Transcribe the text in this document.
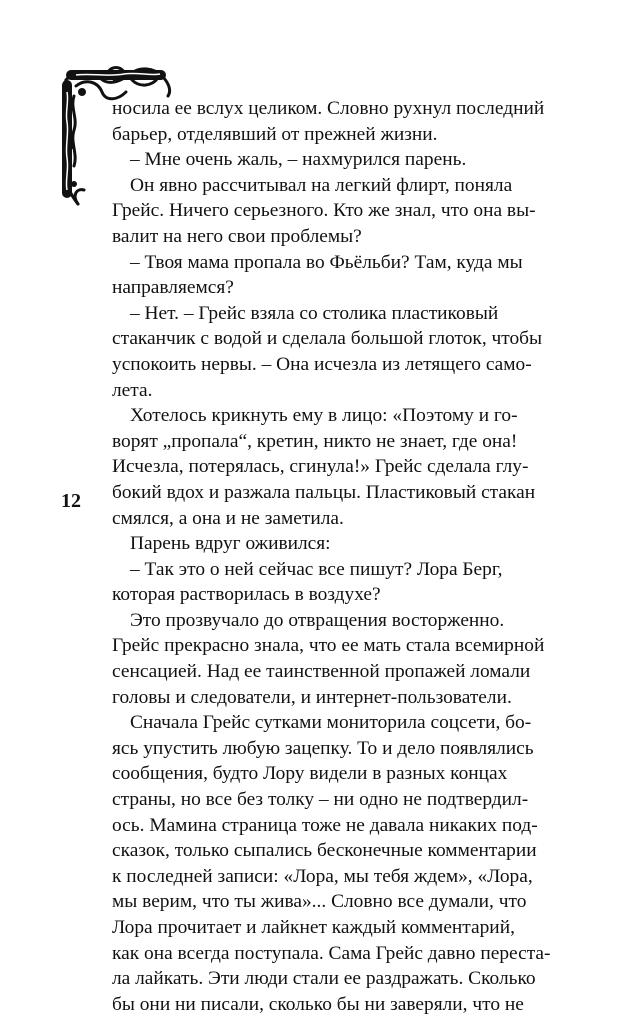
12
носила ее вслух целиком. Словно рухнул последний
барьер, отделявший от прежней жизни.
– Мне очень жаль, – нахмурился парень.
Он явно рассчитывал на легкий флирт, поняла
Грейс. Ничего серьезного. Кто же знал, что она вы-
валит на него свои проблемы?
– Твоя мама пропала во Фьёльби? Там, куда мы
направляемся?
– Нет. – Грейс взяла со столика пластиковый
стаканчик с водой и сделала большой глоток, чтобы
успокоить нервы. – Она исчезла из летящего само-
лета.
Хотелось крикнуть ему в лицо: «Поэтому и го-
ворят „пропала“, кретин, никто не знает, где она!
Исчезла, потерялась, сгинула!» Грейс сделала глу-
бокий вдох и разжала пальцы. Пластиковый стакан
смялся, а она и не заметила.
Парень вдруг оживился:
– Так это о ней сейчас все пишут? Лора Берг,
которая растворилась в воздухе?
Это прозвучало до отвращения восторженно.
Грейс прекрасно знала, что ее мать стала всемирной
сенсацией. Над ее таинственной пропажей ломали
головы и следователи, и интернет-пользователи.
Сначала Грейс сутками мониторила соцсети, бо-
ясь упустить любую зацепку. То и дело появлялись
сообщения, будто Лору видели в разных концах
страны, но все без толку – ни одно не подтвердил-
ось. Мамина страница тоже не давала никаких под-
сказок, только сыпались бесконечные комментарии
к последней записи: «Лора, мы тебя ждем», «Лора,
мы верим, что ты жива»... Словно все думали, что
Лора прочитает и лайкнет каждый комментарий,
как она всегда поступала. Сама Грейс давно переста-
ла лайкать. Эти люди стали ее раздражать. Сколько
бы они ни писали, сколько бы ни заверяли, что не
